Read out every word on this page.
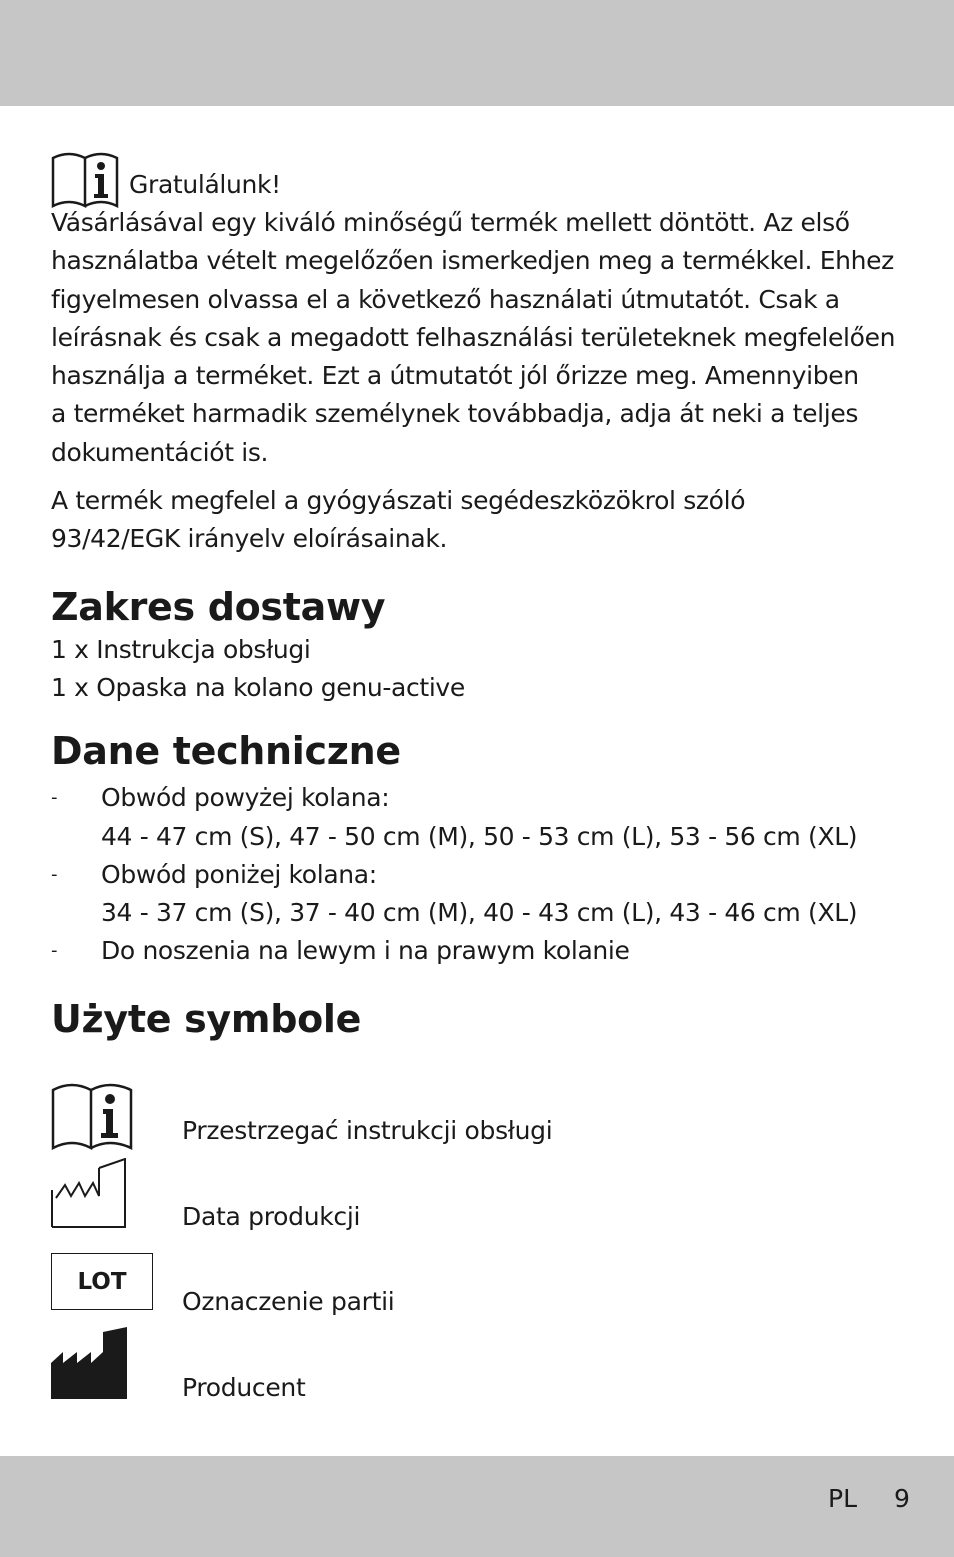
Gratulálunk!
Vásárlásával egy kiváló minőségű termék mellett döntött. Az első
használatba vételt megelőzően ismerkedjen meg a termékkel. Ehhez
figyelmesen olvassa el a következő használati útmutatót. Csak a
leírásnak és csak a megadott felhasználási területeknek megfelelően
használja a terméket. Ezt a útmutatót jól őrizze meg. Amennyiben
a terméket harmadik személynek továbbadja, adja át neki a teljes
dokumentációt is.
A termék megfelel a gyógyászati segédeszközökrol szóló
93/42/EGK irányelv eloírásainak.
Zakres dostawy
1 x Instrukcja obsługi
1 x Opaska na kolano genu-active
Dane techniczne
-	Obwód powyżej kolana:
44 - 47 cm (S), 47 - 50 cm (M), 50 - 53 cm (L), 53 - 56 cm (XL)
-	Obwód poniżej kolana:
34 - 37 cm (S), 37 - 40 cm (M), 40 - 43 cm (L), 43 - 46 cm (XL)
-	Do noszenia na lewym i na prawym kolanie
Użyte symbole
Przestrzegać instrukcji obsługi
Data produkcji
LOT
Oznaczenie partii
Producent
PL 9
